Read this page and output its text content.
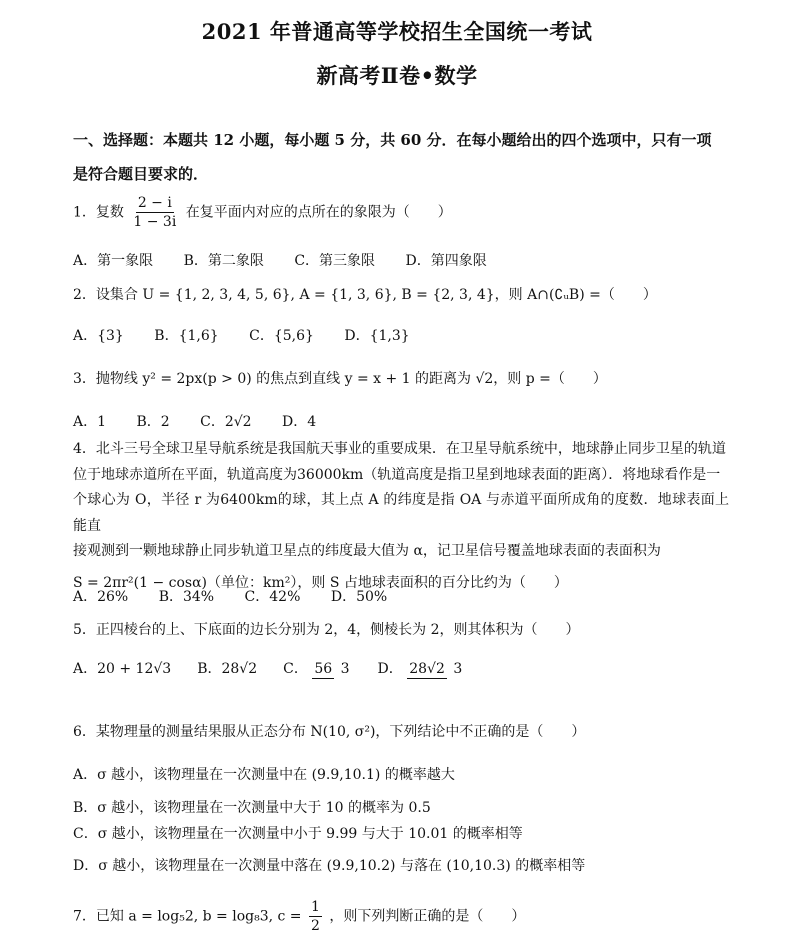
2021 年普通高等学校招生全国统一考试
新高考Ⅱ卷•数学
一、选择题：本题共 12 小题，每小题 5 分，共 60 分．在每小题给出的四个选项中，只有一项
是符合题目要求的．
1．复数 $\frac{2 - i}{1 - 3i}$ 在复平面内对应的点所在的象限为（　　）
A．第一象限 B．第二象限 C．第三象限 D．第四象限
2．设集合 U = {1, 2, 3, 4, 5, 6}, A = {1, 3, 6}, B = {2, 3, 4}，则 A∩(∁ᵤB) =（　　）
A．{3} B．{1,6} C．{5,6} D．{1,3}
3．抛物线 y² = 2px(p > 0) 的焦点到直线 y = x + 1 的距离为 √2，则 p =（　　）
A．1 B．2 C．2√2 D．4
4．北斗三号全球卫星导航系统是我国航天事业的重要成果．在卫星导航系统中，地球静止同步卫星的轨道
位于地球赤道所在平面，轨道高度为36000km（轨道高度是指卫星到地球表面的距离）．将地球看作是一
个球心为 O，半径 r 为6400km的球，其上点 A 的纬度是指 OA 与赤道平面所成角的度数．地球表面上能直
接观测到一颗地球静止同步轨道卫星点的纬度最大值为 α，记卫星信号覆盖地球表面的表面积为
S = 2πr²(1 − cosα)（单位：km²），则 S 占地球表面积的百分比约为（　　）
A．26% B．34% C．42% D．50%
5．正四棱台的上、下底面的边长分别为 2，4，侧棱长为 2，则其体积为（　　）
A．20 + 12√3 B．28√2 C． 56 3 D． 28√2 3
6．某物理量的测量结果服从正态分布 N(10, σ²)，下列结论中不正确的是（　　）
A．σ 越小，该物理量在一次测量中在 (9.9,10.1) 的概率越大
B．σ 越小，该物理量在一次测量中大于 10 的概率为 0.5
C．σ 越小，该物理量在一次测量中小于 9.99 与大于 10.01 的概率相等
D．σ 越小，该物理量在一次测量中落在 (9.9,10.2) 与落在 (10,10.3) 的概率相等
7．已知 a = log₅2, b = log₈3, $c = \frac{1}{2}$ ，则下列判断正确的是（　　）
